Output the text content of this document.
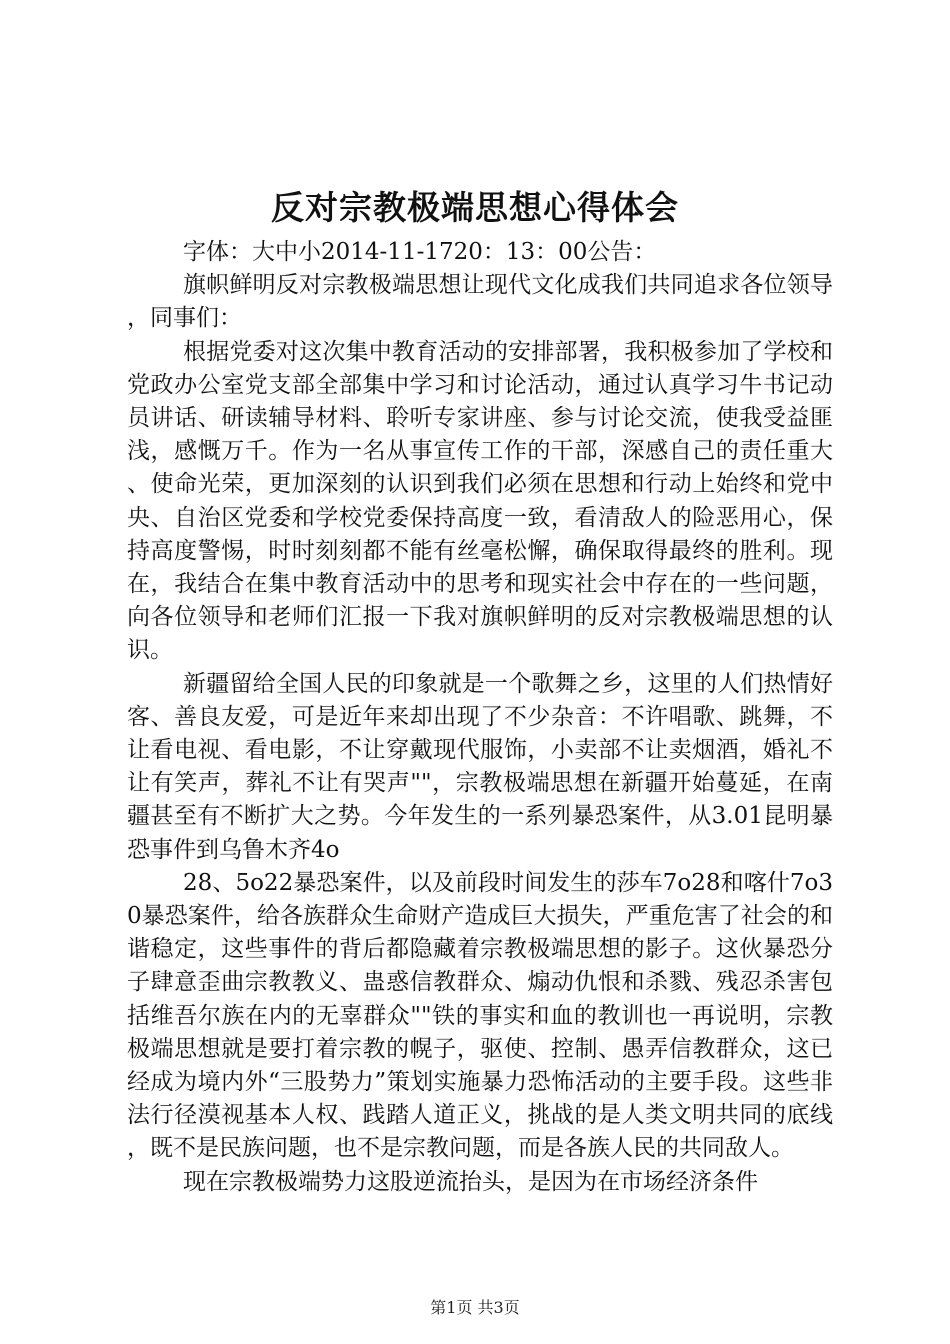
反对宗教极端思想心得体会

字体：大中小2014-11-1720：13：00公告：

旗帜鲜明反对宗教极端思想让现代文化成我们共同追求各位领导，同事们：

根据党委对这次集中教育活动的安排部署，我积极参加了学校和党政办公室党支部全部集中学习和讨论活动，通过认真学习牛书记动员讲话、研读辅导材料、聆听专家讲座、参与讨论交流，使我受益匪浅，感慨万千。作为一名从事宣传工作的干部，深感自己的责任重大、使命光荣，更加深刻的认识到我们必须在思想和行动上始终和党中央、自治区党委和学校党委保持高度一致，看清敌人的险恶用心，保持高度警惕，时时刻刻都不能有丝毫松懈，确保取得最终的胜利。现在，我结合在集中教育活动中的思考和现实社会中存在的一些问题，向各位领导和老师们汇报一下我对旗帜鲜明的反对宗教极端思想的认识。

新疆留给全国人民的印象就是一个歌舞之乡，这里的人们热情好客、善良友爱，可是近年来却出现了不少杂音：不许唱歌、跳舞，不让看电视、看电影，不让穿戴现代服饰，小卖部不让卖烟酒，婚礼不让有笑声，葬礼不让有哭声""，宗教极端思想在新疆开始蔓延，在南疆甚至有不断扩大之势。今年发生的一系列暴恐案件，从3.01昆明暴恐事件到乌鲁木齐4o

28、5o22暴恐案件，以及前段时间发生的莎车7o28和喀什7o30暴恐案件，给各族群众生命财产造成巨大损失，严重危害了社会的和谐稳定，这些事件的背后都隐藏着宗教极端思想的影子。这伙暴恐分子肆意歪曲宗教教义、蛊惑信教群众、煽动仇恨和杀戮、残忍杀害包括维吾尔族在内的无辜群众""铁的事实和血的教训也一再说明，宗教极端思想就是要打着宗教的幌子，驱使、控制、愚弄信教群众，这已经成为境内外“三股势力”策划实施暴力恐怖活动的主要手段。这些非法行径漠视基本人权、践踏人道正义，挑战的是人类文明共同的底线，既不是民族问题，也不是宗教问题，而是各族人民的共同敌人。

现在宗教极端势力这股逆流抬头，是因为在市场经济条件

第1页 共3页
